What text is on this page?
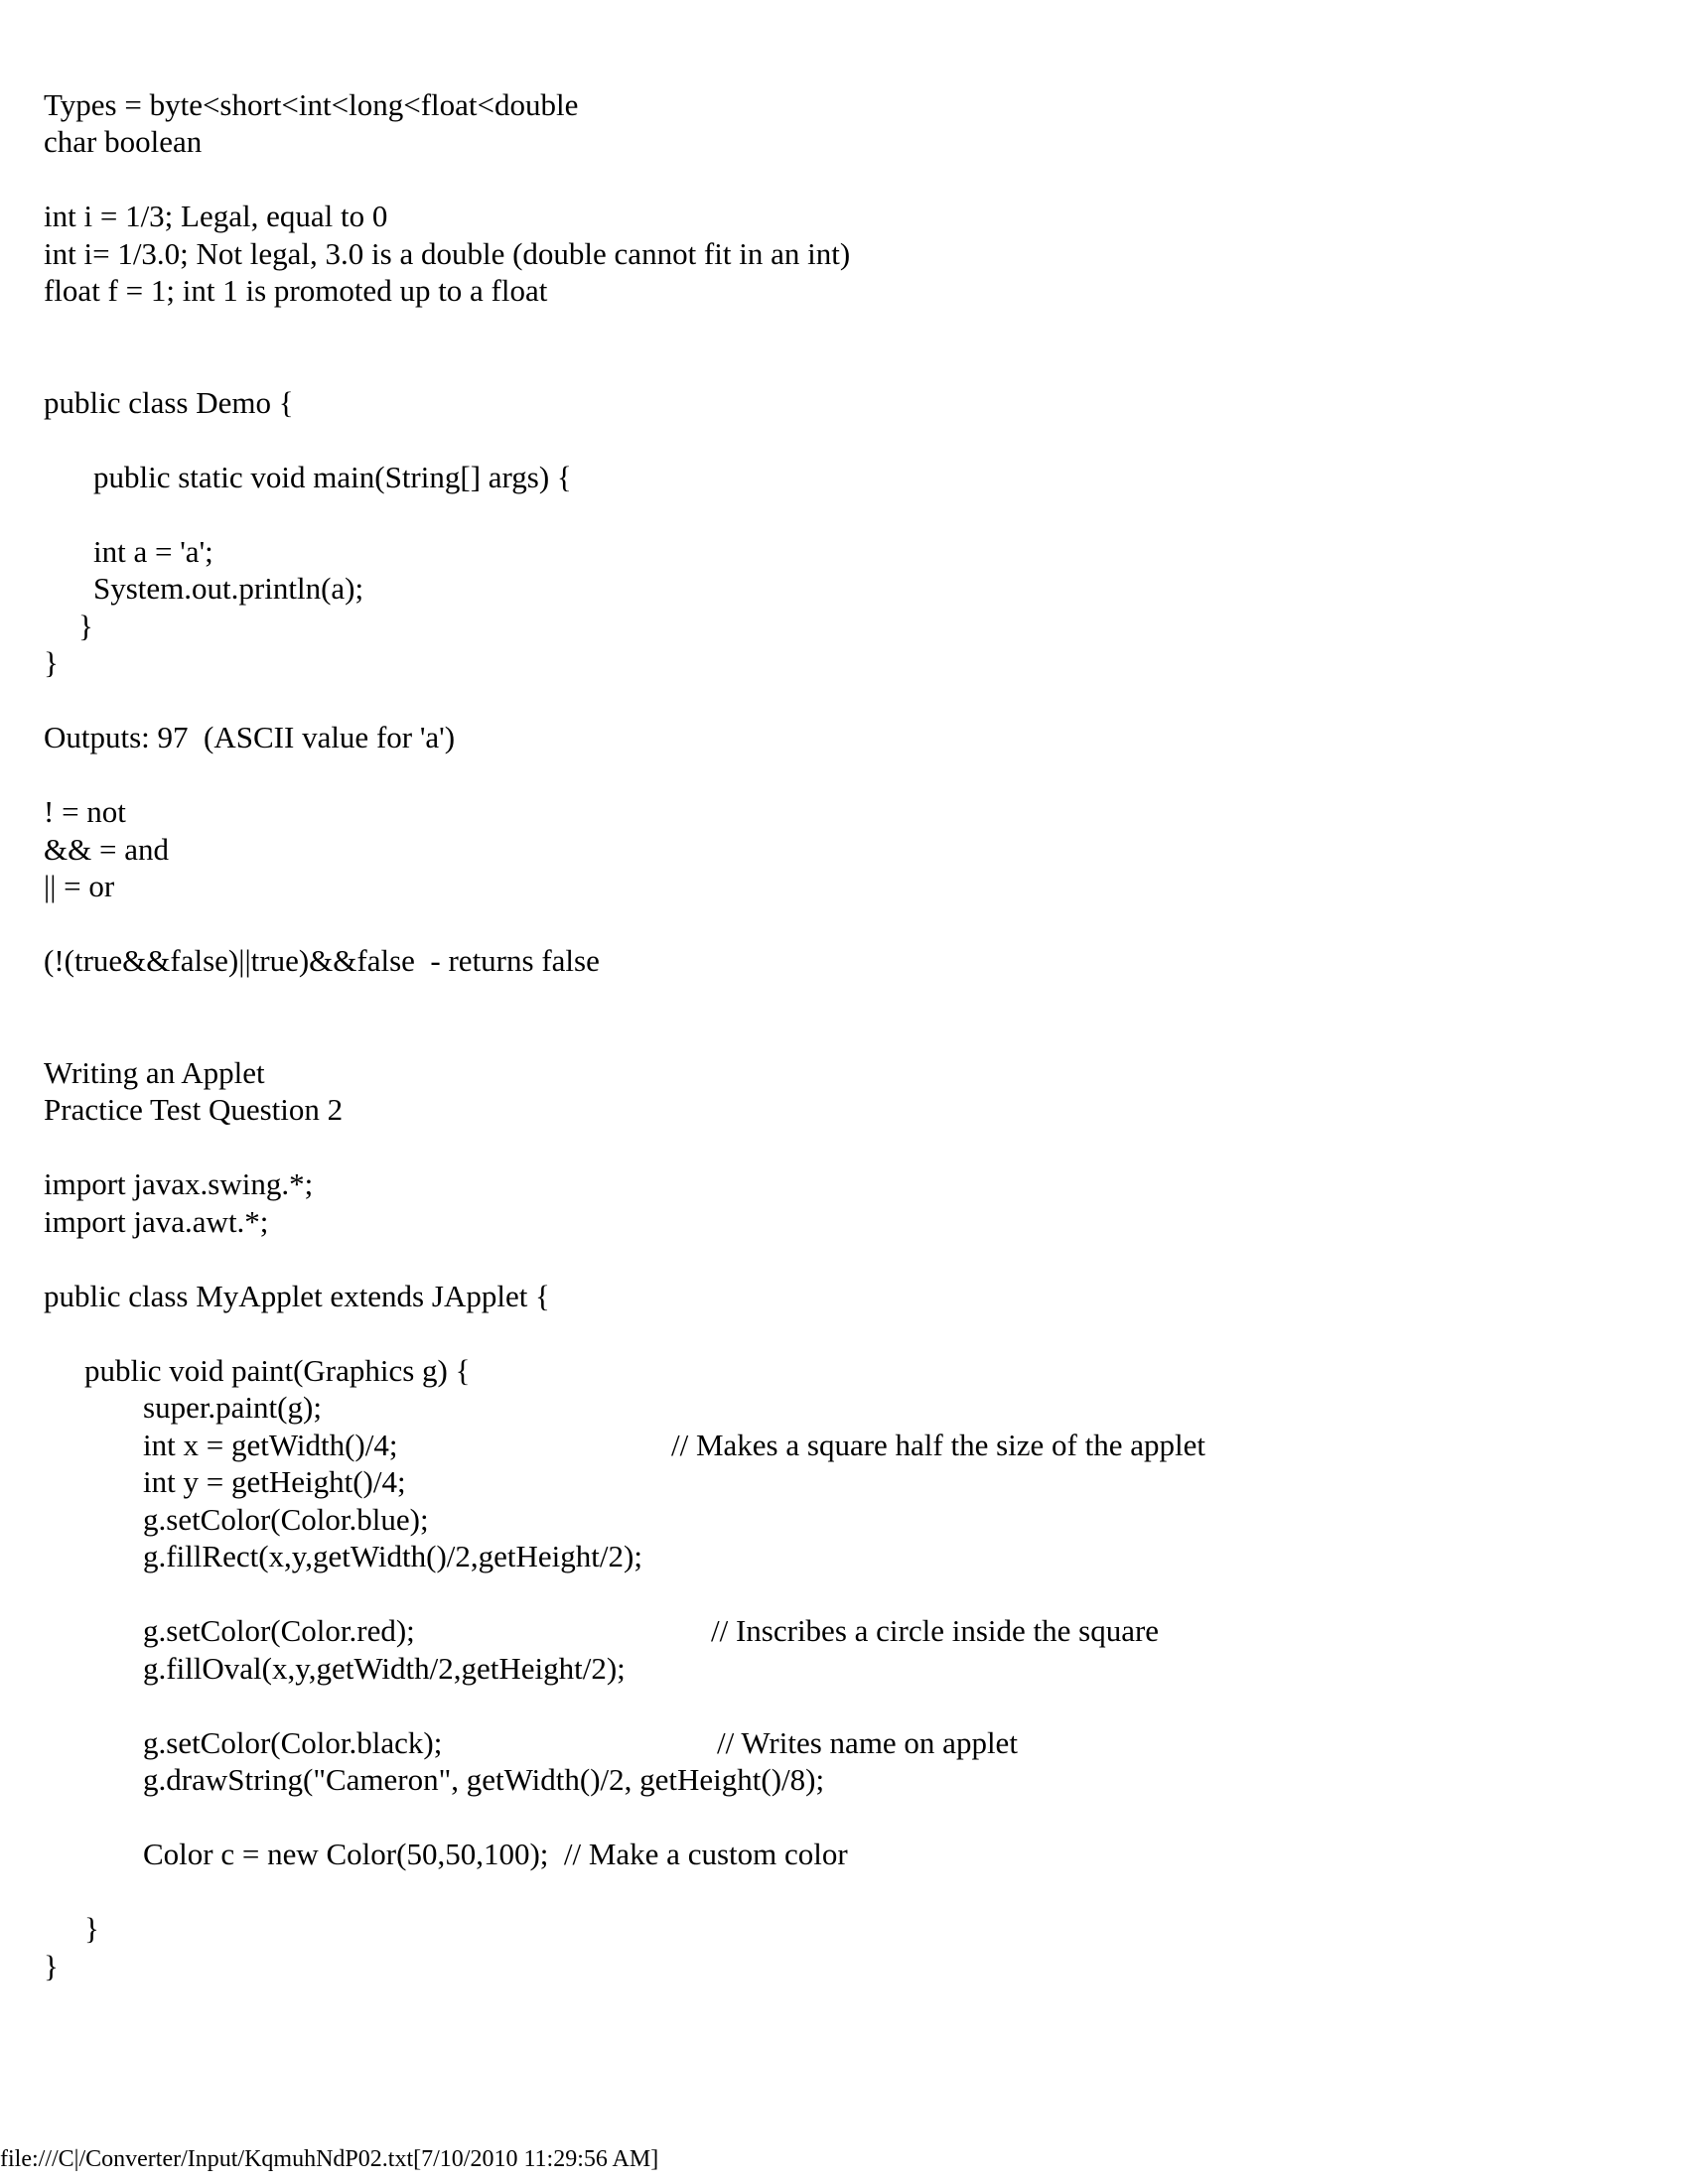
Types = byte<short<int<long<float<double
char boolean
int i = 1/3; Legal, equal to 0
int i= 1/3.0; Not legal, 3.0 is a double (double cannot fit in an int)
float f = 1; int 1 is promoted up to a float
public class Demo {
public static void main(String[] args) {
int a = 'a';
System.out.println(a);
}
}
Outputs: 97  (ASCII value for 'a')
! = not
&& = and
|| = or
(!(true&&false)||true)&&false  - returns false
Writing an Applet
Practice Test Question 2
import javax.swing.*;
import java.awt.*;
public class MyApplet extends JApplet {
public void paint(Graphics g) {
super.paint(g);
int x = getWidth()/4;	// Makes a square half the size of the applet
int y = getHeight()/4;
g.setColor(Color.blue);
g.fillRect(x,y,getWidth()/2,getHeight/2);
g.setColor(Color.red);	// Inscribes a circle inside the square
g.fillOval(x,y,getWidth/2,getHeight/2);
g.setColor(Color.black);	// Writes name on applet
g.drawString("Cameron", getWidth()/2, getHeight()/8);
Color c = new Color(50,50,100);  // Make a custom color
}
}
file:///C|/Converter/Input/KqmuhNdP02.txt[7/10/2010 11:29:56 AM]
